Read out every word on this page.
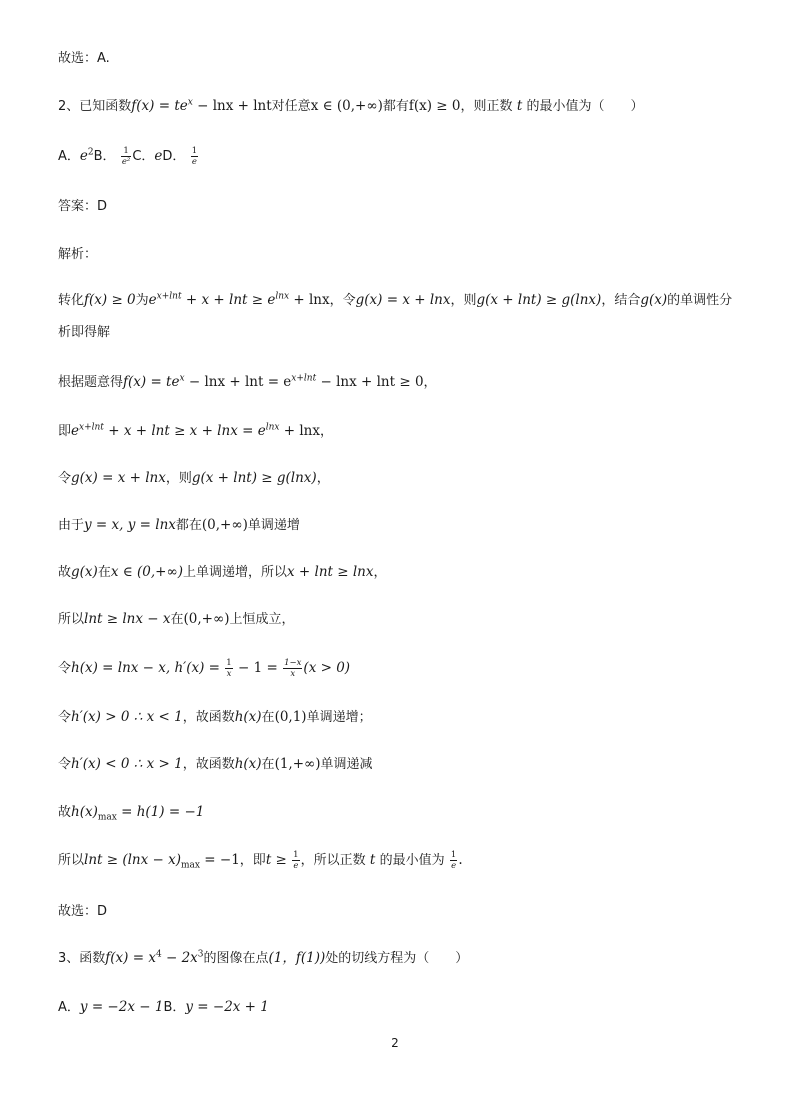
故选：A.
2、已知函数$f(x) = te^x - \ln x + \ln t$对任意x ∈ (0,+∞)都有f(x) ≥ 0，则正数 t 的最小值为（　　）
A．$e^2B$． $\frac{1}{\text{e²}}$ C．eD． $\frac{1}{e}$
答案：D
解析：
转化f(x) ≥ 0为$e^{x+lnt} + x + \ln t \ge e^{lnx} + \ln x$，令g(x) = x + lnx，则g(x + lnt) ≥ g(lnx)，结合g(x)的单调性分
析即得解
根据题意得$f(x) = te^x - \ln x + \ln t = e^{x+lnt} - \ln x + \ln t \ge 0$，
即$e^{x+lnt} + x + \ln t \ge x + \ln x = e^{lnx} + \ln x$，
令g(x) = x + lnx，则g(x + lnt) ≥ g(lnx)，
由于y = x, y = lnx都在(0,+∞)单调递增
故g(x)在x ∈ (0,+∞)上单调递增，所以x + lnt ≥ lnx，
所以lnt ≥ lnx − x在(0,+∞)上恒成立，
令h(x) = lnx − x, $h'(x) = \frac{1}{x} - 1 = \frac{1-x}{x} (x > 0)$
令h′(x) > 0 ∴ x < 1，故函数h(x)在(0,1)单调递增；
令h′(x) < 0 ∴ x > 1，故函数h(x)在(1,+∞)单调递减
故$h(x)_{max} = h(1) = -1$
所以$\ln t \ge (\ln x - x)_{max} = -1$，即$t \ge \frac{1}{e}$ ，所以正数 t 的最小值为 $\frac{1}{e}$ .
故选：D
3、函数$f(x) = x^4 - 2x^3$的图像在点(1，f(1))处的切线方程为（　　）
A．y = −2x − 1B．y = −2x + 1
2
